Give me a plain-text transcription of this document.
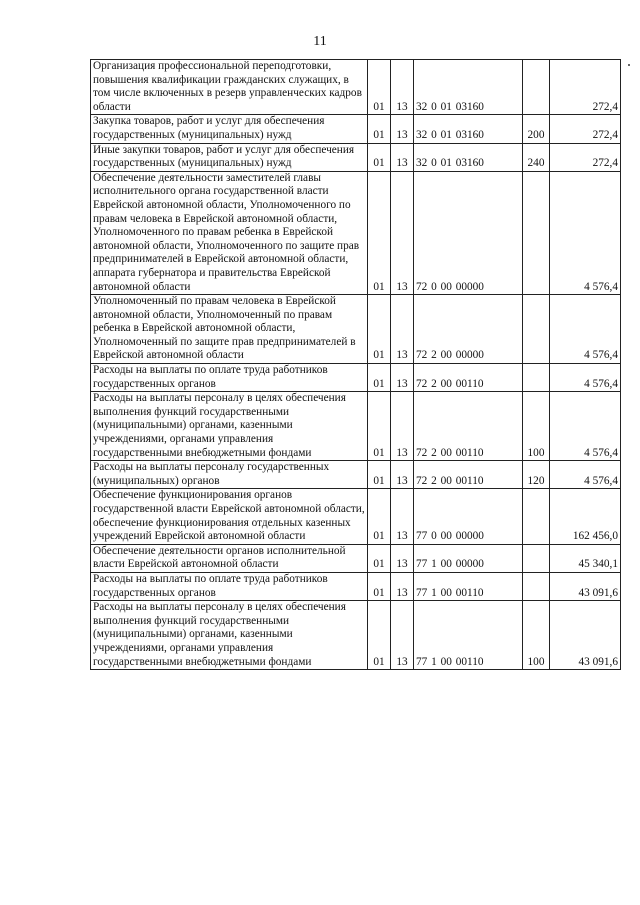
11
Организация профессиональной переподготовки, повышения квалификации гражданских служащих, в том числе включенных в резерв управленческих кадров области	01	13	32 0 01 03160		272,4

Закупка товаров, работ и услуг для обеспечения государственных (муниципальных) нужд	01	13	32 0 01 03160	200	272,4

Иные закупки товаров, работ и услуг для обеспечения государственных (муниципальных) нужд	01	13	32 0 01 03160	240	272,4

Обеспечение деятельности заместителей главы исполнительного органа государственной власти Еврейской автономной области, Уполномоченного по правам человека в Еврейской автономной области, Уполномоченного по правам ребенка в Еврейской автономной области, Уполномоченного по защите прав предпринимателей в Еврейской автономной области, аппарата губернатора и правительства Еврейской автономной области	01	13	72 0 00 00000		4 576,4

Уполномоченный по правам человека в Еврейской автономной области, Уполномоченный по правам ребенка в Еврейской автономной области, Уполномоченный по защите прав предпринимателей в Еврейской автономной области	01	13	72 2 00 00000		4 576,4

Расходы на выплаты по оплате труда работников государственных органов	01	13	72 2 00 00110		4 576,4

Расходы на выплаты персоналу в целях обеспечения выполнения функций государственными (муниципальными) органами, казенными учреждениями, органами управления государственными внебюджетными фондами	01	13	72 2 00 00110	100	4 576,4

Расходы на выплаты персоналу государственных (муниципальных) органов	01	13	72 2 00 00110	120	4 576,4

Обеспечение функционирования органов государственной власти Еврейской автономной области, обеспечение функционирования отдельных казенных учреждений Еврейской автономной области	01	13	77 0 00 00000		162 456,0

Обеспечение деятельности органов исполнительной власти Еврейской автономной области	01	13	77 1 00 00000		45 340,1

Расходы на выплаты по оплате труда работников государственных органов	01	13	77 1 00 00110		43 091,6

Расходы на выплаты персоналу в целях обеспечения выполнения функций государственными (муниципальными) органами, казенными учреждениями, органами управления государственными внебюджетными фондами	01	13	77 1 00 00110	100	43 091,6
